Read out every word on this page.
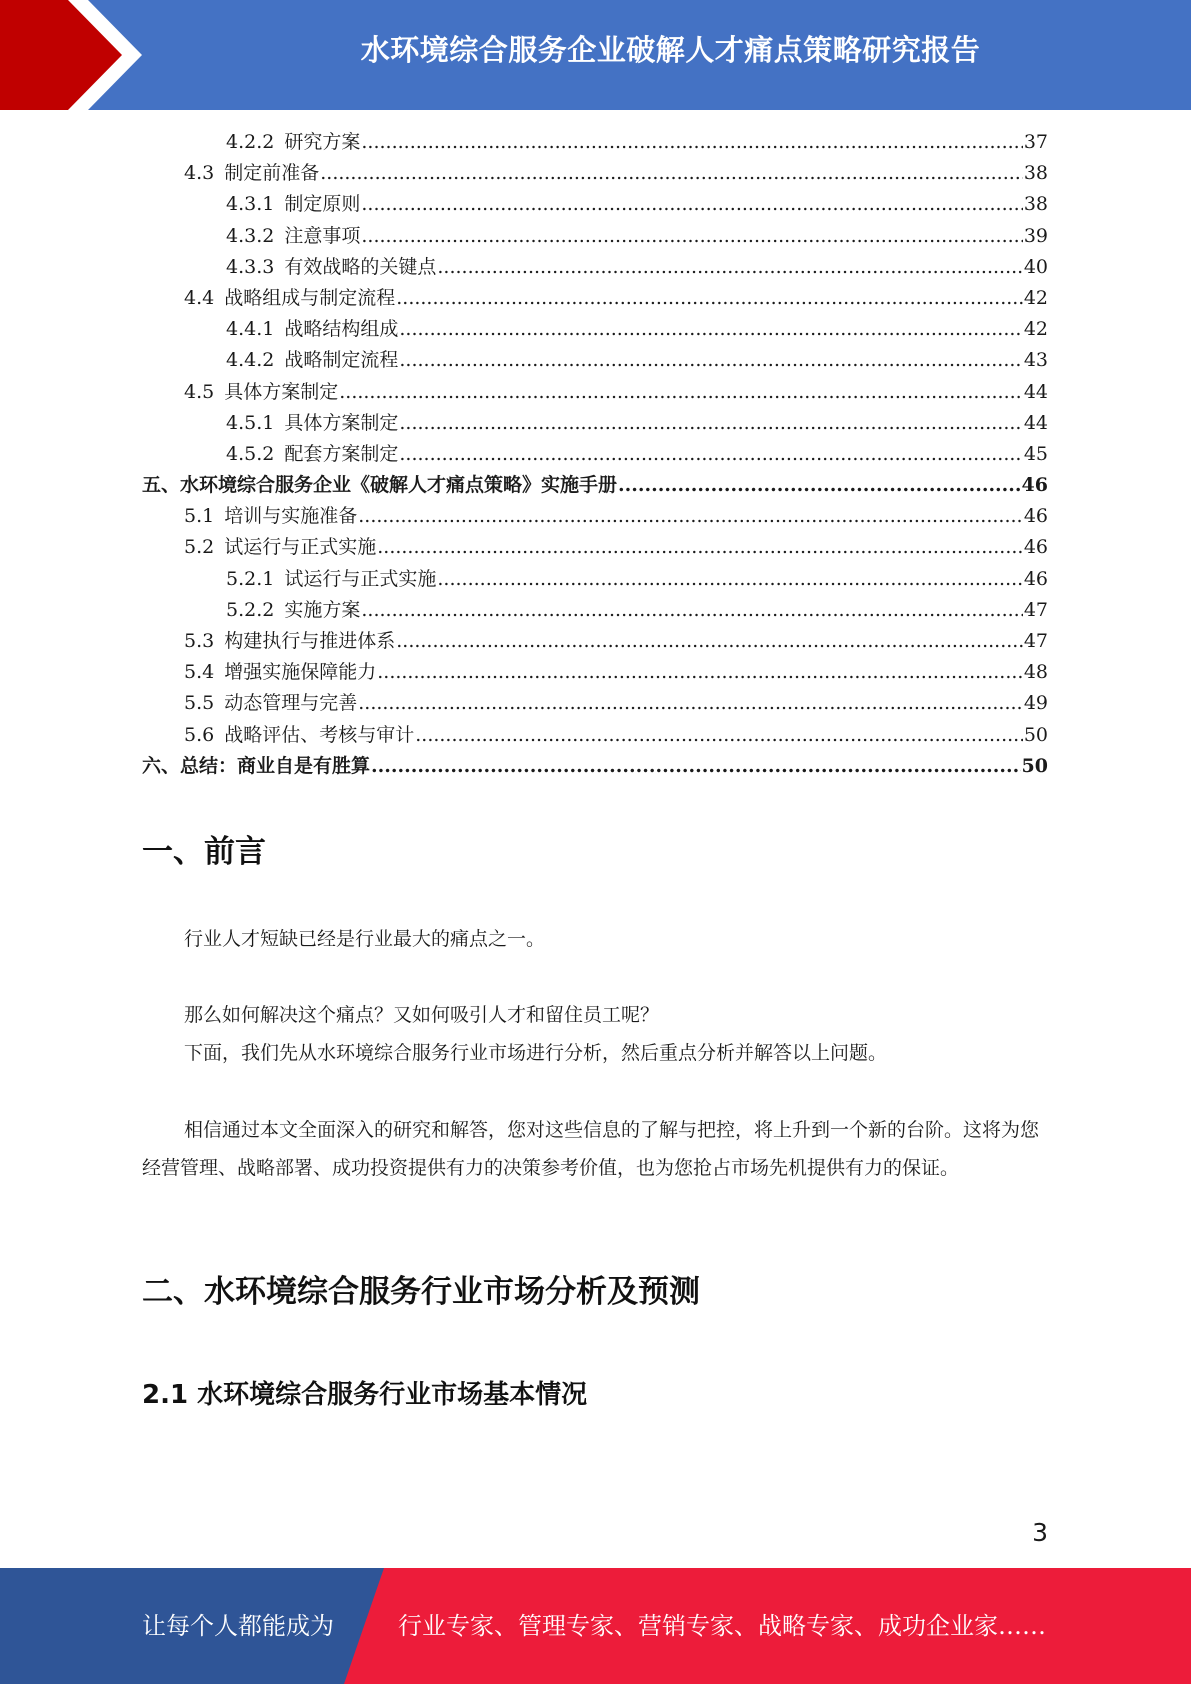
水环境综合服务企业破解人才痛点策略研究报告
4.2.2 研究方案 .....	37
4.3 制定前准备 .....	38
4.3.1 制定原则 .....	38
4.3.2 注意事项 .....	39
4.3.3 有效战略的关键点 .....	40
4.4 战略组成与制定流程 .....	42
4.4.1 战略结构组成 .....	42
4.4.2 战略制定流程 .....	43
4.5 具体方案制定 .....	44
4.5.1 具体方案制定 .....	44
4.5.2 配套方案制定 .....	45
五、水环境综合服务企业《破解人才痛点策略》实施手册 .....	46
5.1 培训与实施准备 .....	46
5.2 试运行与正式实施 .....	46
5.2.1 试运行与正式实施 .....	46
5.2.2 实施方案 .....	47
5.3 构建执行与推进体系 .....	47
5.4 增强实施保障能力 .....	48
5.5 动态管理与完善 .....	49
5.6 战略评估、考核与审计 .....	50
六、总结：商业自是有胜算 .....	50
一、前言
行业人才短缺已经是行业最大的痛点之一。
那么如何解决这个痛点？又如何吸引人才和留住员工呢？
下面，我们先从水环境综合服务行业市场进行分析，然后重点分析并解答以上问题。
相信通过本文全面深入的研究和解答，您对这些信息的了解与把控，将上升到一个新的台阶。这将为您经营管理、战略部署、成功投资提供有力的决策参考价值，也为您抢占市场先机提供有力的保证。
二、水环境综合服务行业市场分析及预测
2.1 水环境综合服务行业市场基本情况
3
让每个人都能成为	行业专家、管理专家、营销专家、战略专家、成功企业家……
